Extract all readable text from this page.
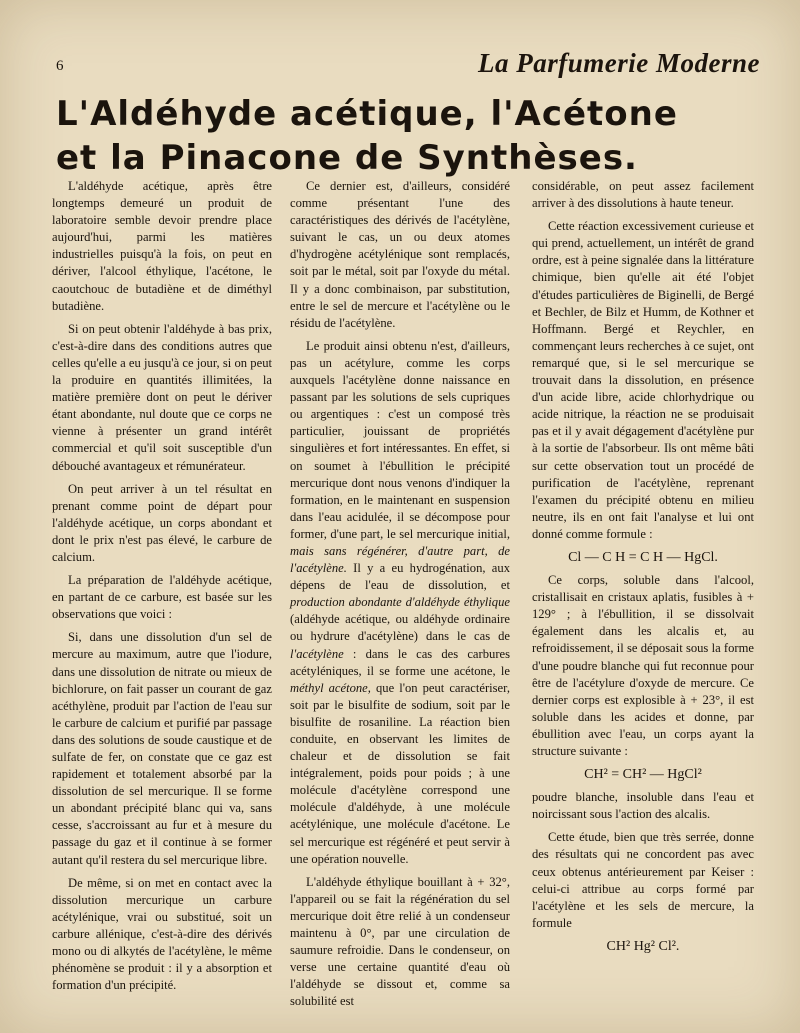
6	La Parfumerie Moderne
L'Aldéhyde acétique, l'Acétone
et la Pinacone de Synthèses.

L'aldéhyde acétique, après être longtemps demeuré un produit de laboratoire semble devoir prendre place aujourd'hui, parmi les matières industrielles puisqu'à la fois, on peut en dériver, l'alcool éthylique, l'acétone, le caoutchouc de butadiène et de diméthyl butadiène.

Si on peut obtenir l'aldéhyde à bas prix, c'est-à-dire dans des conditions autres que celles qu'elle a eu jusqu'à ce jour, si on peut la produire en quantités illimitées, la matière première dont on peut le dériver étant abondante, nul doute que ce corps ne vienne à présenter un grand intérêt commercial et qu'il soit susceptible d'un débouché avantageux et rémunérateur.

On peut arriver à un tel résultat en prenant comme point de départ pour l'aldéhyde acétique, un corps abondant et dont le prix n'est pas élevé, le carbure de calcium.

La préparation de l'aldéhyde acétique, en partant de ce carbure, est basée sur les observations que voici :

Si, dans une dissolution d'un sel de mercure au maximum, autre que l'iodure, dans une dissolution de nitrate ou mieux de bichlorure, on fait passer un courant de gaz acéthylène, produit par l'action de l'eau sur le carbure de calcium et purifié par passage dans des solutions de soude caustique et de sulfate de fer, on constate que ce gaz est rapidement et totalement absorbé par la dissolution de sel mercurique. Il se forme un abondant précipité blanc qui va, sans cesse, s'accroissant au fur et à mesure du passage du gaz et il continue à se former autant qu'il restera du sel mercurique libre.

De même, si on met en contact avec la dissolution mercurique un carbure acétylénique, vrai ou substitué, soit un carbure allénique, c'est-à-dire des dérivés mono ou di alkytés de l'acétylène, le même phénomène se produit : il y a absorption et formation d'un précipité.

Ce dernier est, d'ailleurs, considéré comme présentant l'une des caractéristiques des dérivés de l'acétylène, suivant le cas, un ou deux atomes d'hydrogène acétylénique sont remplacés, soit par le métal, soit par l'oxyde du métal. Il y a donc combinaison, par substitution, entre le sel de mercure et l'acétylène ou le résidu de l'acétylène.

Le produit ainsi obtenu n'est, d'ailleurs, pas un acétylure, comme les corps auxquels l'acétylène donne naissance en passant par les solutions de sels cupriques ou argentiques : c'est un composé très particulier, jouissant de propriétés singulières et fort intéressantes. En effet, si on soumet à l'ébullition le précipité mercurique dont nous venons d'indiquer la formation, en le maintenant en suspension dans l'eau acidulée, il se décompose pour former, d'une part, le sel mercurique initial, mais sans régénérer, d'autre part, de l'acétylène. Il y a eu hydrogénation, aux dépens de l'eau de dissolution, et production abondante d'aldéhyde éthylique (aldéhyde acétique, ou aldéhyde ordinaire ou hydrure d'acétylène) dans le cas de l'acétylène : dans le cas des carbures acétyléniques, il se forme une acétone, le méthyl acétone, que l'on peut caractériser, soit par le bisulfite de sodium, soit par le bisulfite de rosaniline. La réaction bien conduite, en observant les limites de chaleur et de dissolution se fait intégralement, poids pour poids ; à une molécule d'acétylène correspond une molécule d'aldéhyde, à une molécule acétylénique, une molécule d'acétone. Le sel mercurique est régénéré et peut servir à une opération nouvelle.

L'aldéhyde éthylique bouillant à + 32°, l'appareil ou se fait la régénération du sel mercurique doit être relié à un condenseur maintenu à 0°, par une circulation de saumure refroidie. Dans le condenseur, on verse une certaine quantité d'eau où l'aldéhyde se dissout et, comme sa solubilité est

considérable, on peut assez facilement arriver à des dissolutions à haute teneur.

Cette réaction excessivement curieuse et qui prend, actuellement, un intérêt de grand ordre, est à peine signalée dans la littérature chimique, bien qu'elle ait été l'objet d'études particulières de Biginelli, de Bergé et Bechler, de Bilz et Humm, de Kothner et Hoffmann. Bergé et Reychler, en commençant leurs recherches à ce sujet, ont remarqué que, si le sel mercurique se trouvait dans la dissolution, en présence d'un acide libre, acide chlorhydrique ou acide nitrique, la réaction ne se produisait pas et il y avait dégagement d'acétylène pur à la sortie de l'absorbeur. Ils ont même bâti sur cette observation tout un procédé de purification de l'acétylène, reprenant l'examen du précipité obtenu en milieu neutre, ils en ont fait l'analyse et lui ont donné comme formule :

Cl — C H = C H — HgCl.

Ce corps, soluble dans l'alcool, cristallisait en cristaux aplatis, fusibles à + 129° ; à l'ébullition, il se dissolvait également dans les alcalis et, au refroidissement, il se déposait sous la forme d'une poudre blanche qui fut reconnue pour être de l'acétylure d'oxyde de mercure. Ce dernier corps est explosible à + 23°, il est soluble dans les acides et donne, par ébullition avec l'eau, un corps ayant la structure suivante :

CH² = CH² — HgCl²

poudre blanche, insoluble dans l'eau et noircissant sous l'action des alcalis.

Cette étude, bien que très serrée, donne des résultats qui ne concordent pas avec ceux obtenus antérieurement par Keiser : celui-ci attribue au corps formé par l'acétylène et les sels de mercure, la formule

CH² Hg² Cl².
